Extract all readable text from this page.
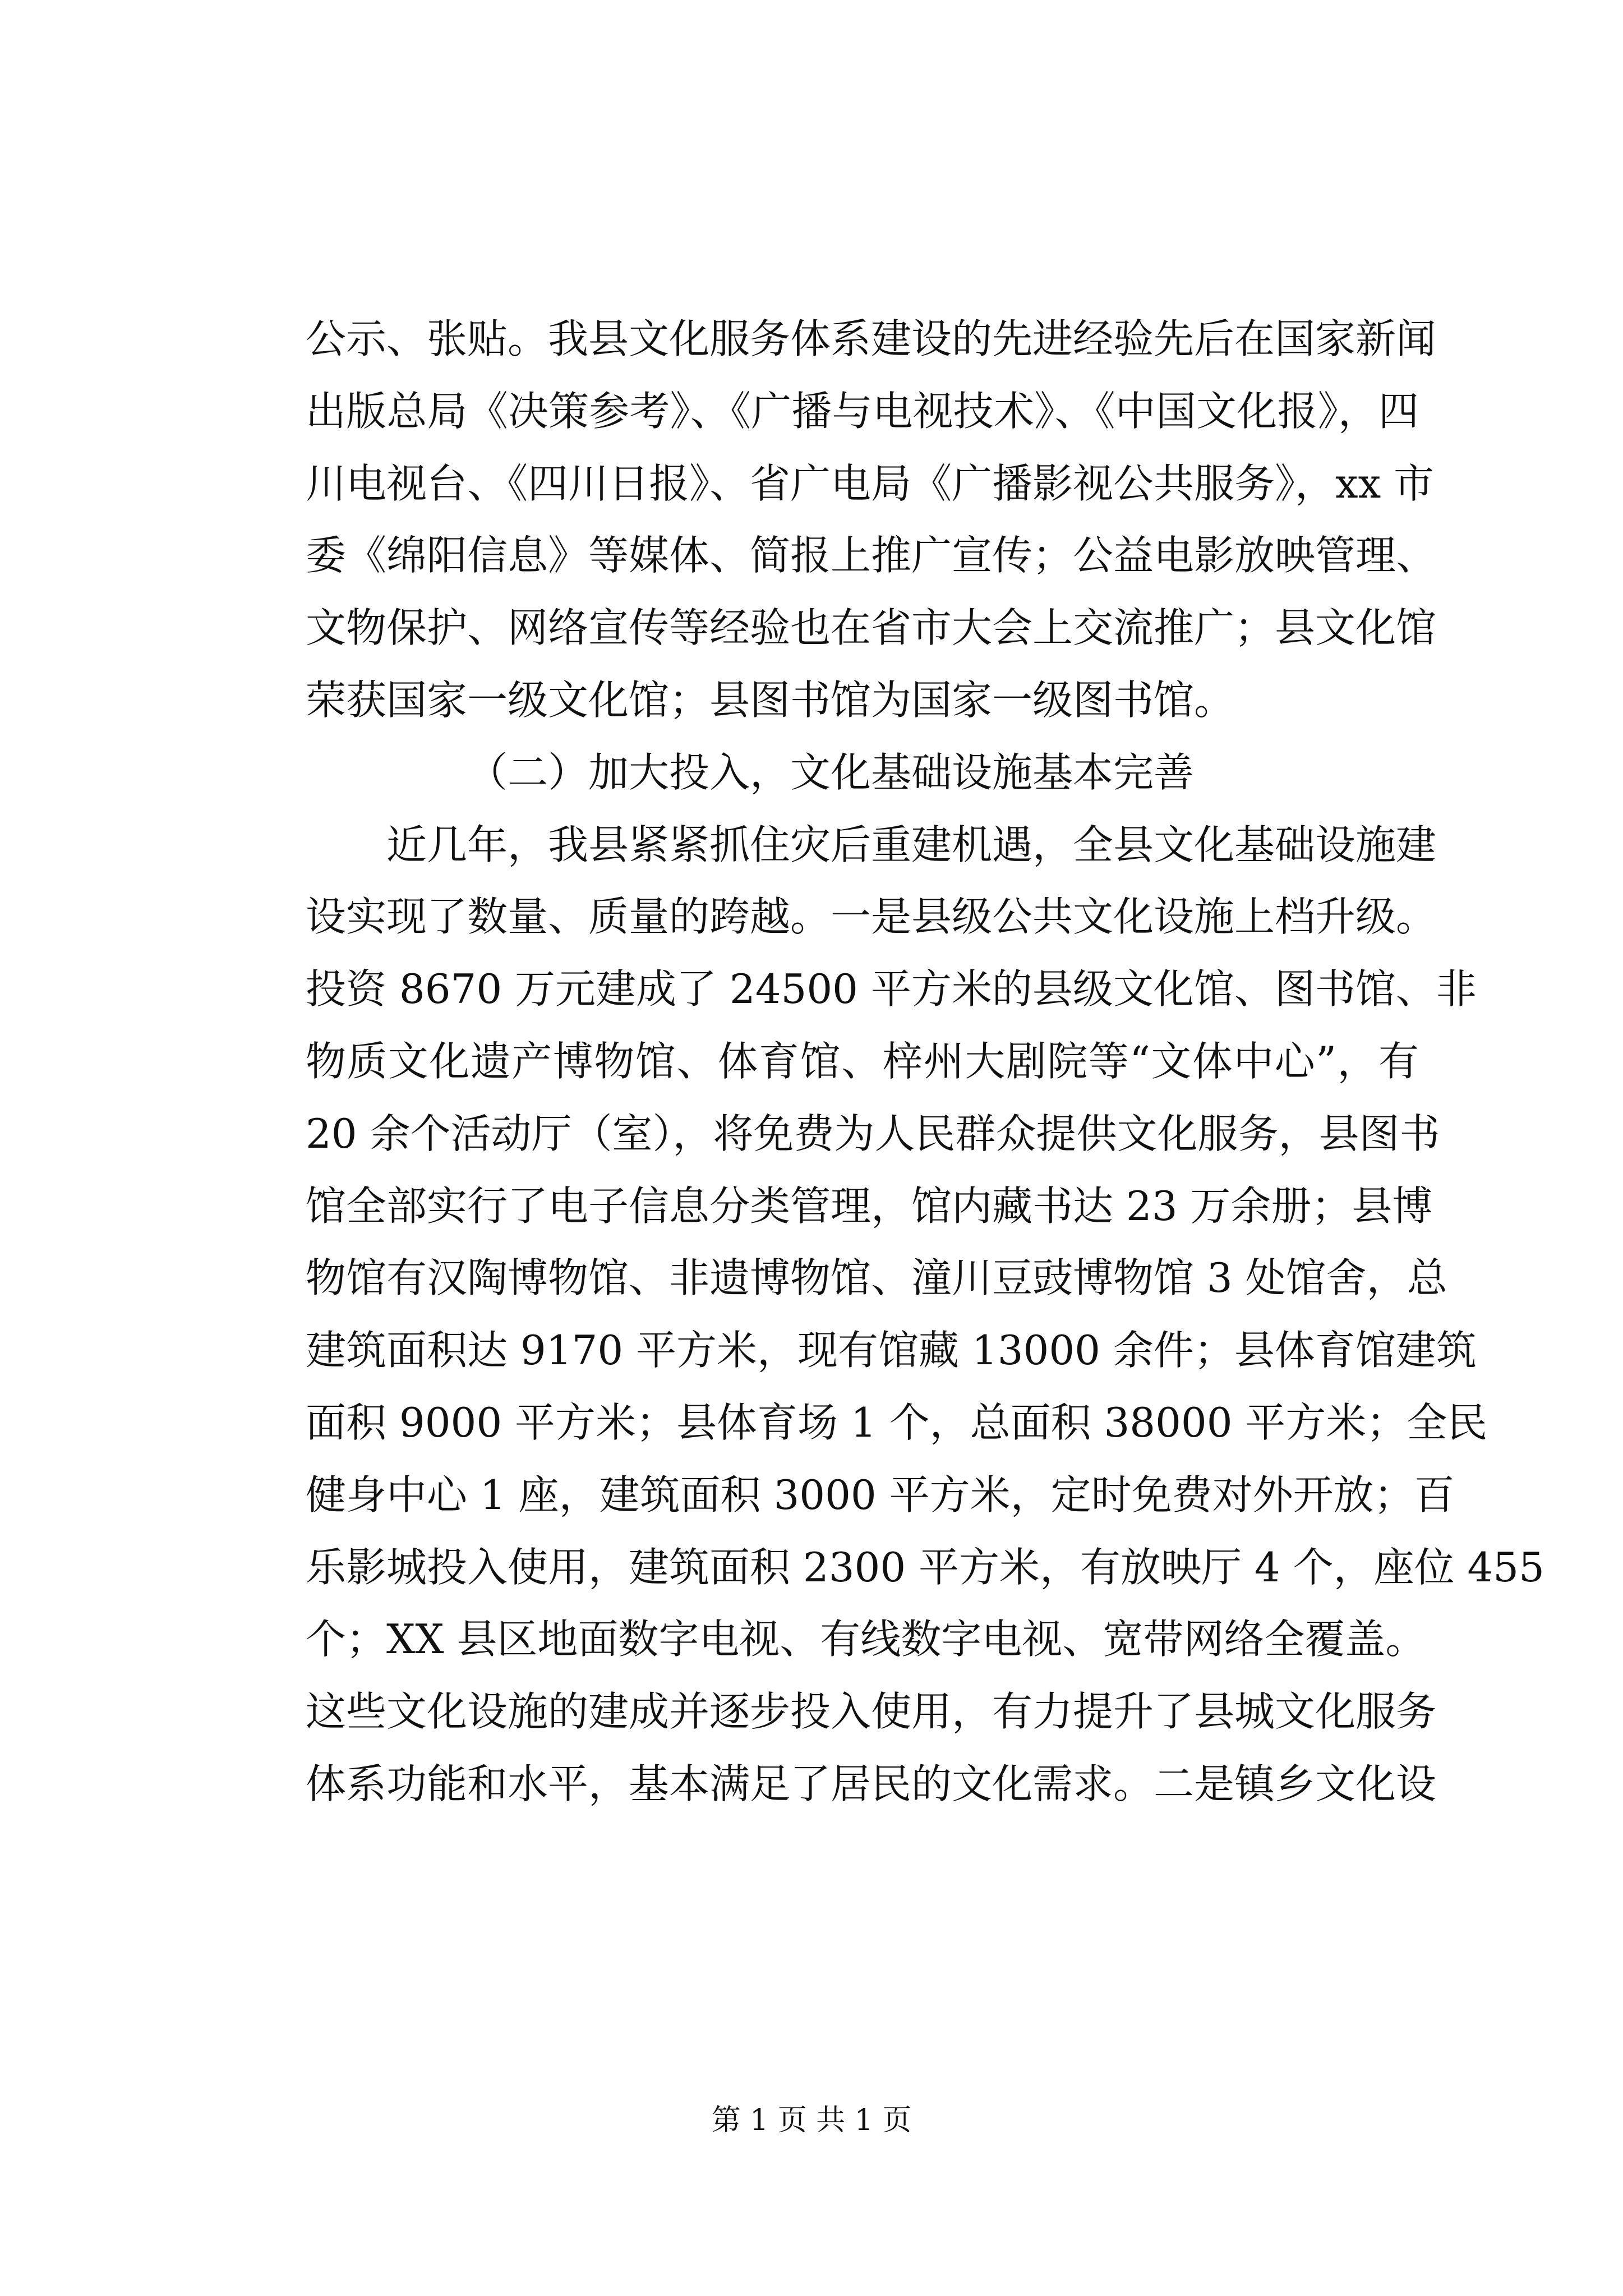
公示、张贴。我县文化服务体系建设的先进经验先后在国家新闻
出版总局《决策参考》、《广播与电视技术》、《中国文化报》，四
川电视台、《四川日报》、省广电局《广播影视公共服务》，xx 市
委《绵阳信息》等媒体、简报上推广宣传；公益电影放映管理、
文物保护、网络宣传等经验也在省市大会上交流推广；县文化馆
荣获国家一级文化馆；县图书馆为国家一级图书馆。
（二）加大投入，文化基础设施基本完善
近几年，我县紧紧抓住灾后重建机遇，全县文化基础设施建
设实现了数量、质量的跨越。一是县级公共文化设施上档升级。
投资 8670 万元建成了 24500 平方米的县级文化馆、图书馆、非
物质文化遗产博物馆、体育馆、梓州大剧院等“文体中心”，有
20 余个活动厅（室），将免费为人民群众提供文化服务，县图书
馆全部实行了电子信息分类管理，馆内藏书达 23 万余册；县博
物馆有汉陶博物馆、非遗博物馆、潼川豆豉博物馆 3 处馆舍，总
建筑面积达 9170 平方米，现有馆藏 13000 余件；县体育馆建筑
面积 9000 平方米；县体育场 1 个，总面积 38000 平方米；全民
健身中心 1 座，建筑面积 3000 平方米，定时免费对外开放；百
乐影城投入使用，建筑面积 2300 平方米，有放映厅 4 个，座位 455
个；XX 县区地面数字电视、有线数字电视、宽带网络全覆盖。
这些文化设施的建成并逐步投入使用，有力提升了县城文化服务
体系功能和水平，基本满足了居民的文化需求。二是镇乡文化设
第 1 页 共 1 页
